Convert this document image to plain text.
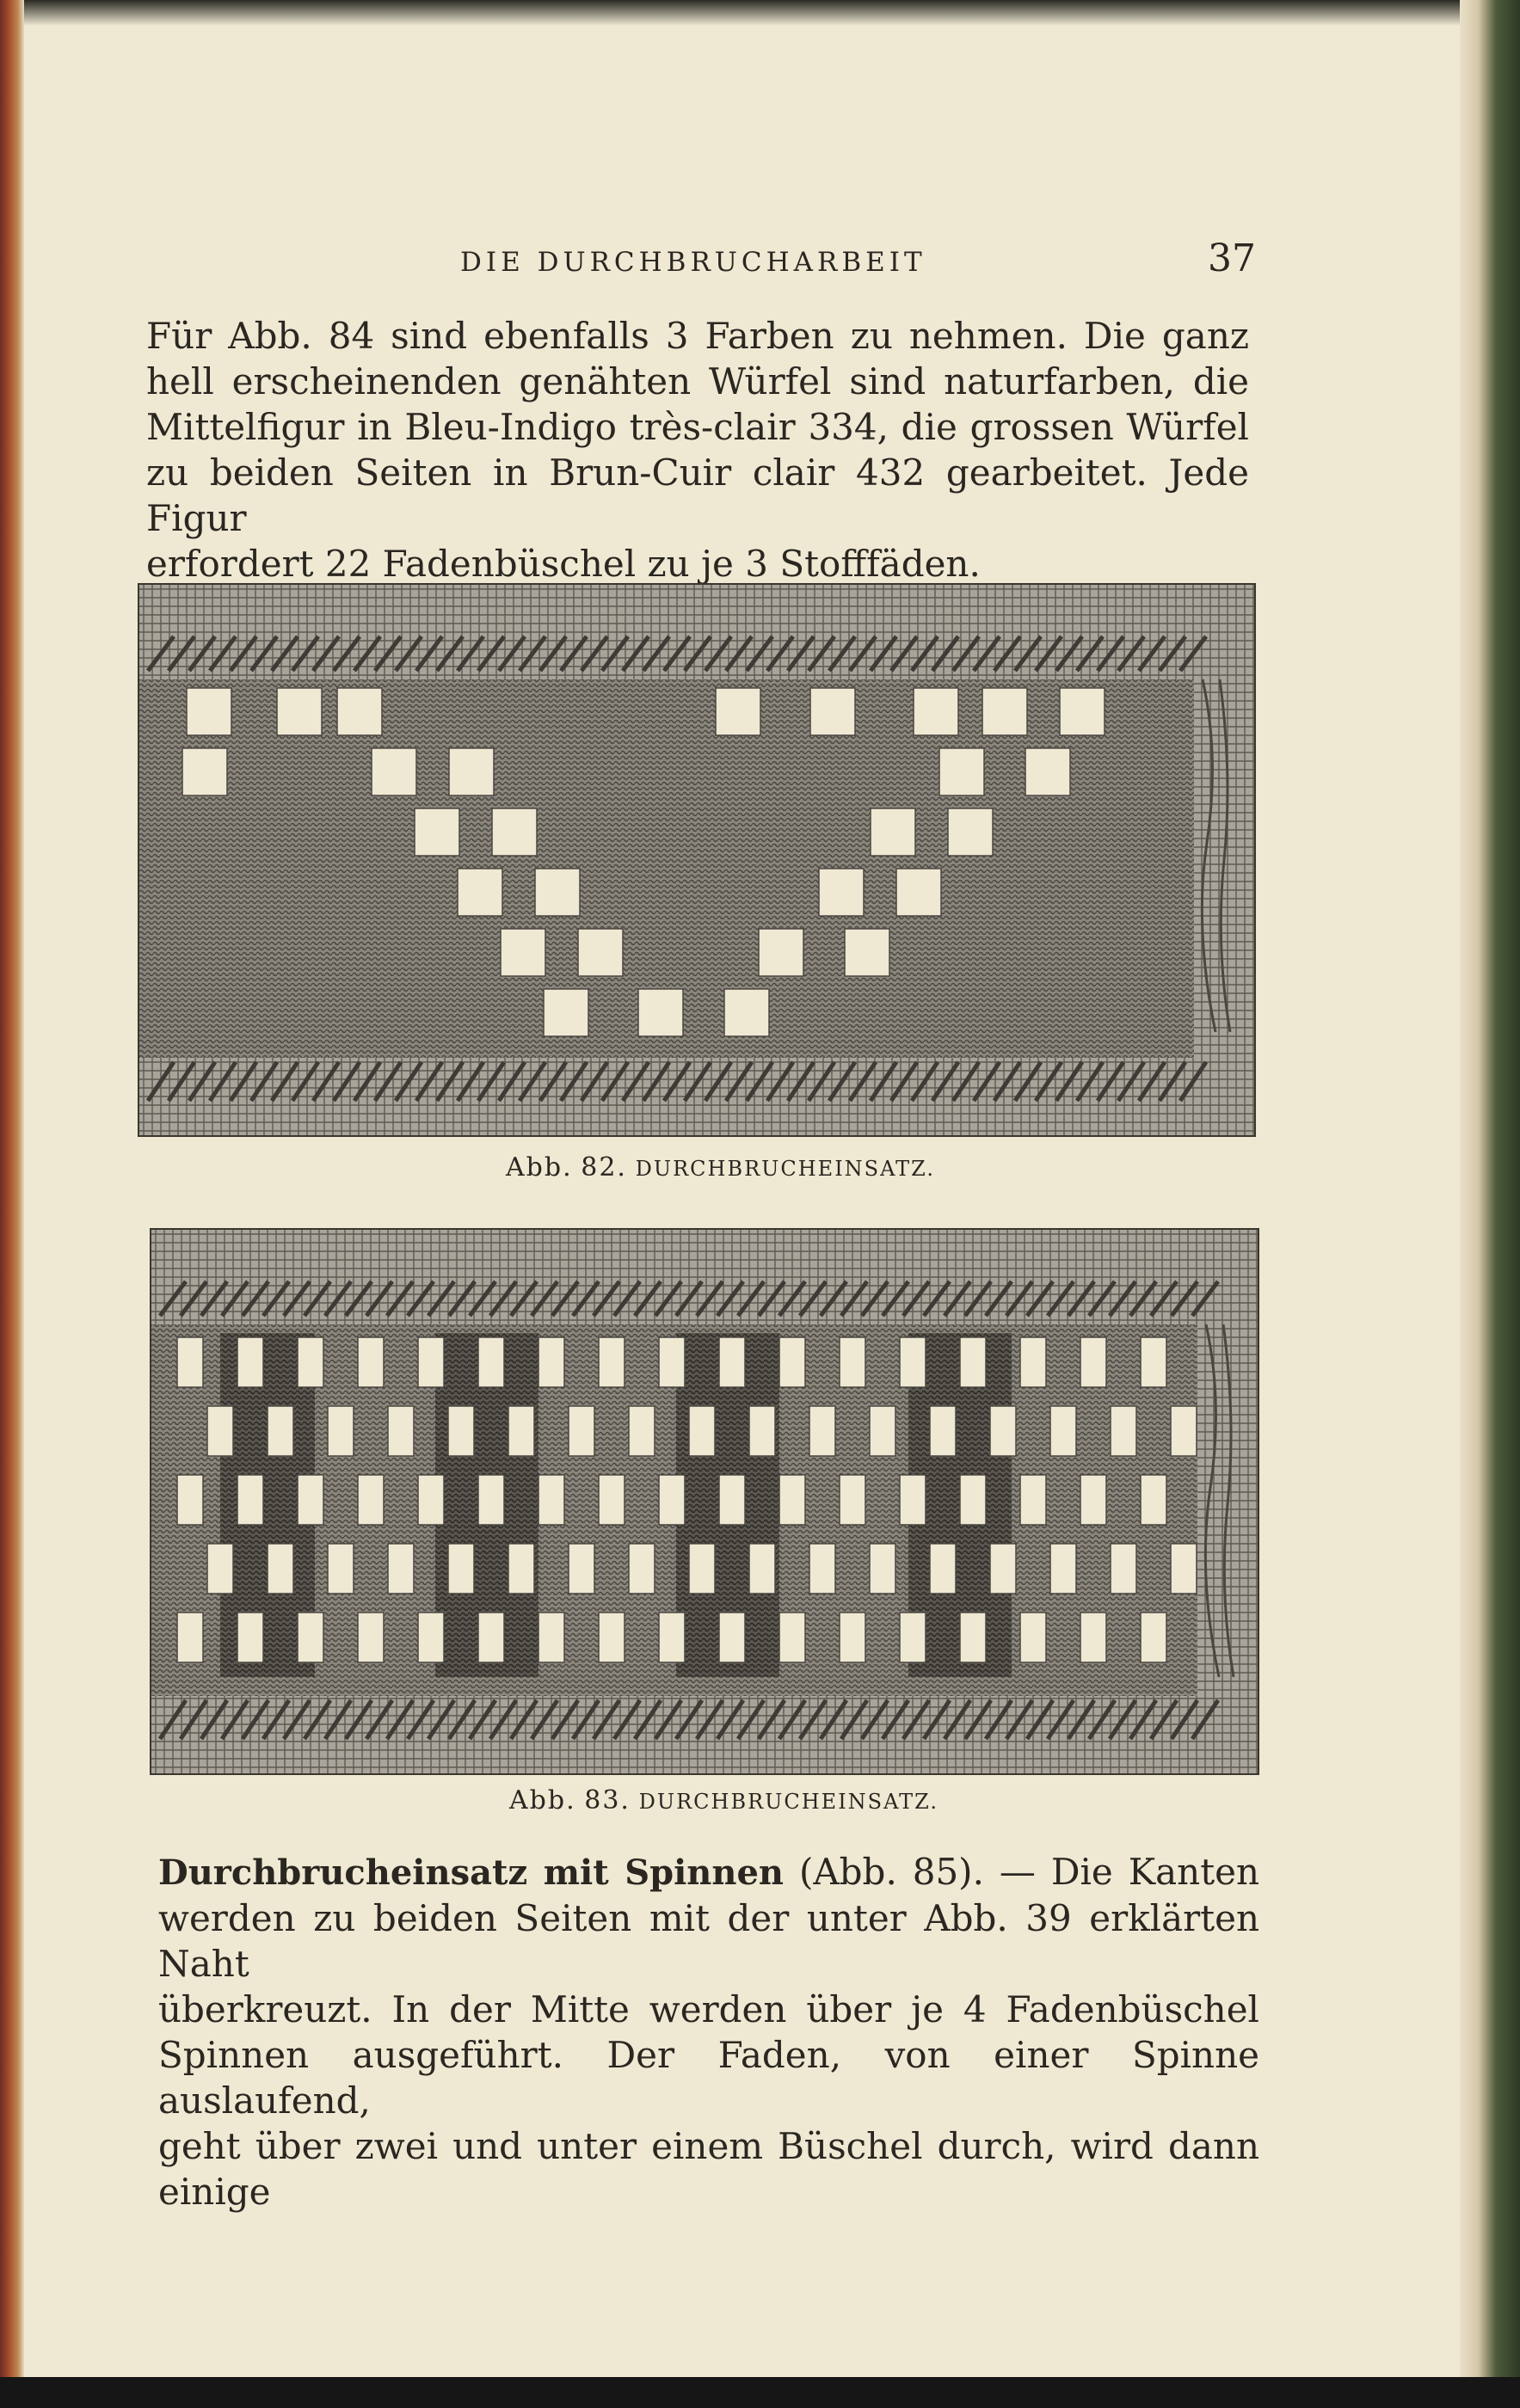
DIE DURCHBRUCHARBEIT	37
Für Abb. 84 sind ebenfalls 3 Farben zu nehmen. Die ganz
hell erscheinenden genähten Würfel sind naturfarben, die
Mittelfigur in Bleu-Indigo très-clair 334, die grossen Würfel
zu beiden Seiten in Brun-Cuir clair 432 gearbeitet. Jede Figur
erfordert 22 Fadenbüschel zu je 3 Stofffäden.
Abb. 82. DURCHBRUCHEINSATZ.
Abb. 83. DURCHBRUCHEINSATZ.
Durchbrucheinsatz mit Spinnen (Abb. 85). — Die Kanten
werden zu beiden Seiten mit der unter Abb. 39 erklärten Naht
überkreuzt. In der Mitte werden über je 4 Fadenbüschel
Spinnen ausgeführt. Der Faden, von einer Spinne auslaufend,
geht über zwei und unter einem Büschel durch, wird dann einige
